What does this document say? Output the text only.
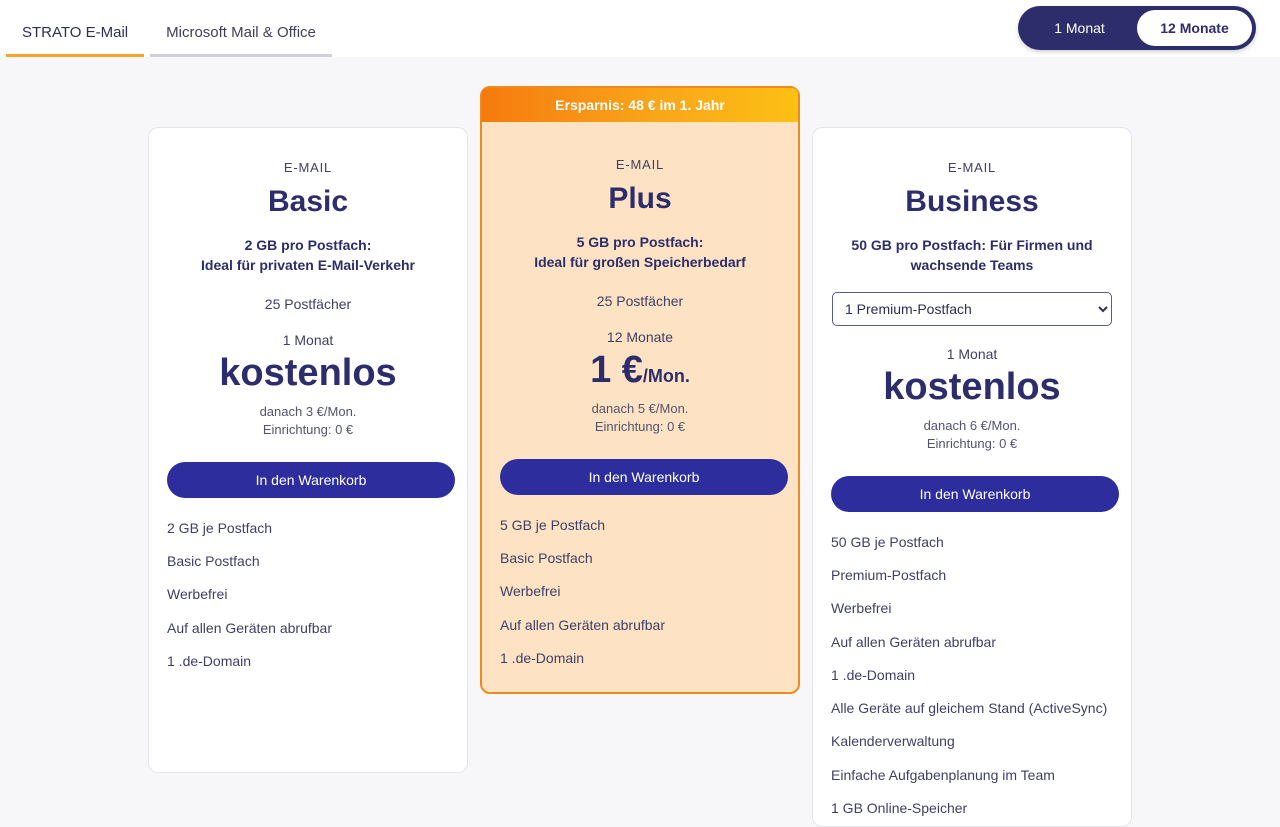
STRATO E-Mail	Microsoft Mail & Office	1 Monat	12 Monate
E-MAIL
Basic
2 GB pro Postfach:
Ideal für privaten E-Mail-Verkehr
25 Postfächer
1 Monat
kostenlos
danach 3 €/Mon.
Einrichtung: 0 €
In den Warenkorb
2 GB je Postfach
Basic Postfach
Werbefrei
Auf allen Geräten abrufbar
1 .de-Domain
Ersparnis: 48 € im 1. Jahr
E-MAIL
Plus
5 GB pro Postfach:
Ideal für großen Speicherbedarf
25 Postfächer
12 Monate
1 €/Mon.
danach 5 €/Mon.
Einrichtung: 0 €
In den Warenkorb
5 GB je Postfach
Basic Postfach
Werbefrei
Auf allen Geräten abrufbar
1 .de-Domain
E-MAIL
Business
50 GB pro Postfach: Für Firmen und
wachsende Teams
1 Premium-Postfach
1 Monat
kostenlos
danach 6 €/Mon.
Einrichtung: 0 €
In den Warenkorb
50 GB je Postfach
Premium-Postfach
Werbefrei
Auf allen Geräten abrufbar
1 .de-Domain
Alle Geräte auf gleichem Stand (ActiveSync)
Kalenderverwaltung
Einfache Aufgabenplanung im Team
1 GB Online-Speicher
